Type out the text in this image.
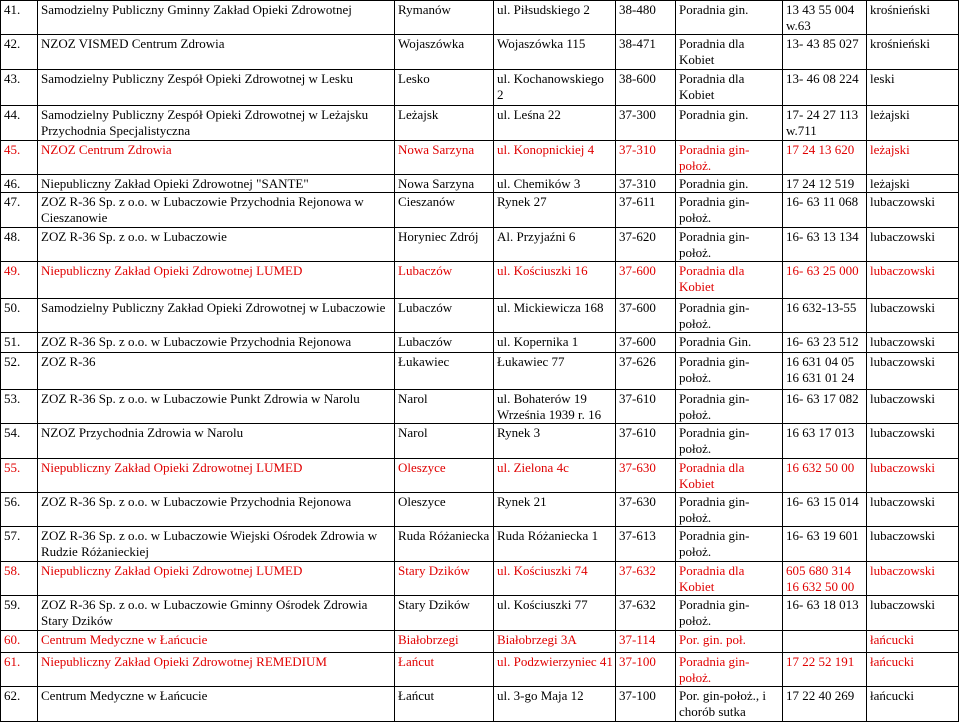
41.	Samodzielny Publiczny Gminny Zakład Opieki Zdrowotnej	Rymanów	ul. Piłsudskiego 2	38-480	Poradnia gin.	13 43 55 004 w.63	krośnieński
42.	NZOZ VISMED Centrum Zdrowia	Wojaszówka	Wojaszówka 115	38-471	Poradnia dla Kobiet	13- 43 85 027	krośnieński
43.	Samodzielny Publiczny Zespół Opieki Zdrowotnej w Lesku	Lesko	ul. Kochanowskiego 2	38-600	Poradnia dla Kobiet	13- 46 08 224	leski
44.	Samodzielny Publiczny Zespół Opieki Zdrowotnej w Leżajsku Przychodnia Specjalistyczna	Leżajsk	ul. Leśna 22	37-300	Poradnia gin.	17- 24 27 113 w.711	leżajski
45.	NZOZ Centrum Zdrowia	Nowa Sarzyna	ul. Konopnickiej 4	37-310	Poradnia gin-położ.	17 24 13 620	leżajski
46.	Niepubliczny Zakład Opieki Zdrowotnej "SANTE"	Nowa Sarzyna	ul. Chemików 3	37-310	Poradnia gin.	17 24 12 519	leżajski
47.	ZOZ R-36 Sp. z o.o. w Lubaczowie Przychodnia Rejonowa w Cieszanowie	Cieszanów	Rynek 27	37-611	Poradnia gin-położ.	16- 63 11 068	lubaczowski
48.	ZOZ R-36 Sp. z o.o. w Lubaczowie	Horyniec Zdrój	Al. Przyjaźni 6	37-620	Poradnia gin-położ.	16- 63 13 134	lubaczowski
49.	Niepubliczny Zakład Opieki Zdrowotnej LUMED	Lubaczów	ul. Kościuszki 16	37-600	Poradnia dla Kobiet	16- 63 25 000	lubaczowski
50.	Samodzielny Publiczny Zakład Opieki Zdrowotnej w Lubaczowie	Lubaczów	ul. Mickiewicza 168	37-600	Poradnia gin-położ.	16 632-13-55	lubaczowski
51.	ZOZ R-36 Sp. z o.o. w Lubaczowie Przychodnia Rejonowa	Lubaczów	ul. Kopernika 1	37-600	Poradnia Gin.	16- 63 23 512	lubaczowski
52.	ZOZ R-36	Łukawiec	Łukawiec 77	37-626	Poradnia gin-położ.	16 631 04 05 16 631 01 24	lubaczowski
53.	ZOZ R-36 Sp. z o.o. w Lubaczowie Punkt Zdrowia w Narolu	Narol	ul. Bohaterów 19 Września 1939 r. 16	37-610	Poradnia gin-położ.	16- 63 17 082	lubaczowski
54.	NZOZ Przychodnia Zdrowia w Narolu	Narol	Rynek 3	37-610	Poradnia gin-położ.	16 63 17 013	lubaczowski
55.	Niepubliczny Zakład Opieki Zdrowotnej LUMED	Oleszyce	ul. Zielona 4c	37-630	Poradnia dla Kobiet	16 632 50 00	lubaczowski
56.	ZOZ R-36 Sp. z o.o. w Lubaczowie Przychodnia Rejonowa	Oleszyce	Rynek 21	37-630	Poradnia gin-położ.	16- 63 15 014	lubaczowski
57.	ZOZ R-36 Sp. z o.o. w Lubaczowie Wiejski Ośrodek Zdrowia w Rudzie Różanieckiej	Ruda Różaniecka	Ruda Różaniecka 1	37-613	Poradnia gin-położ.	16- 63 19 601	lubaczowski
58.	Niepubliczny Zakład Opieki Zdrowotnej LUMED	Stary Dzików	ul. Kościuszki 74	37-632	Poradnia dla Kobiet	605 680 314 16 632 50 00	lubaczowski
59.	ZOZ R-36 Sp. z o.o. w Lubaczowie Gminny Ośrodek Zdrowia Stary Dzików	Stary Dzików	ul. Kościuszki 77	37-632	Poradnia gin-położ.	16- 63 18 013	lubaczowski
60.	Centrum Medyczne w Łańcucie	Białobrzegi	Białobrzegi 3A	37-114	Por. gin. poł.		łańcucki
61.	Niepubliczny Zakład Opieki Zdrowotnej REMEDIUM	Łańcut	ul. Podzwierzyniec 41	37-100	Poradnia gin-położ.	17 22 52 191	łańcucki
62.	Centrum Medyczne w Łańcucie	Łańcut	ul. 3-go Maja 12	37-100	Por. gin-położ., i chorób sutka	17 22 40 269	łańcucki
